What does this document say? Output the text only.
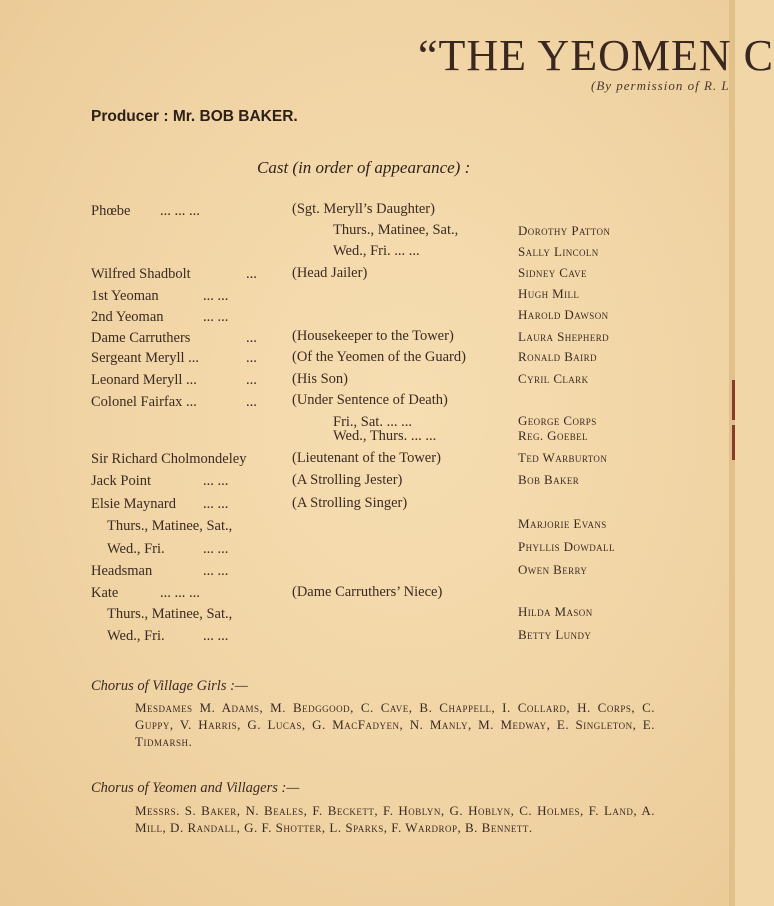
“THE YEOMEN C
(By permission of R. L
Producer : Mr. BOB BAKER.
Cast (in order of appearance) :
Phœbe ... ... ...	(Sgt. Meryll’s Daughter)
Thurs., Matinee, Sat.,	Dorothy Patton
Wed., Fri. ... ...	Sally Lincoln
Wilfred Shadbolt	... (Head Jailer)	Sidney Cave
1st Yeoman	... ...	Hugh Mill
2nd Yeoman	... ...	Harold Dawson
Dame Carruthers	... (Housekeeper to the Tower)	Laura Shepherd
Sergeant Meryll ...	... (Of the Yeomen of the Guard)	Ronald Baird
Leonard Meryll ...	... (His Son)	Cyril Clark
Colonel Fairfax ...	... (Under Sentence of Death)
Fri., Sat. ... ...	George Corps
Wed., Thurs. ... ...	Reg. Goebel
Sir Richard Cholmondeley	(Lieutenant of the Tower)	Ted Warburton
Jack Point	... ...	(A Strolling Jester)	Bob Baker
Elsie Maynard ... ...	(A Strolling Singer)
Thurs., Matinee, Sat.,	Marjorie Evans
Wed., Fri.	... ...	Phyllis Dowdall
Headsman	... ...	Owen Berry
Kate	... ... ...	(Dame Carruthers’ Niece)
Thurs., Matinee, Sat.,	Hilda Mason
Wed., Fri.	... ...	Betty Lundy
Chorus of Village Girls :—
Mesdames M. Adams, M. Bedggood, C. Cave, B. Chappell, I. Collard, H. Corps, C. Guppy, V. Harris, G. Lucas, G. MacFadyen, N. Manly, M. Medway, E. Singleton, E. Tidmarsh.
Chorus of Yeomen and Villagers :—
Messrs. S. Baker, N. Beales, F. Beckett, F. Hoblyn, G. Hoblyn, C. Holmes, F. Land, A. Mill, D. Randall, G. F. Shotter, L. Sparks, F. Wardrop, B. Bennett.
